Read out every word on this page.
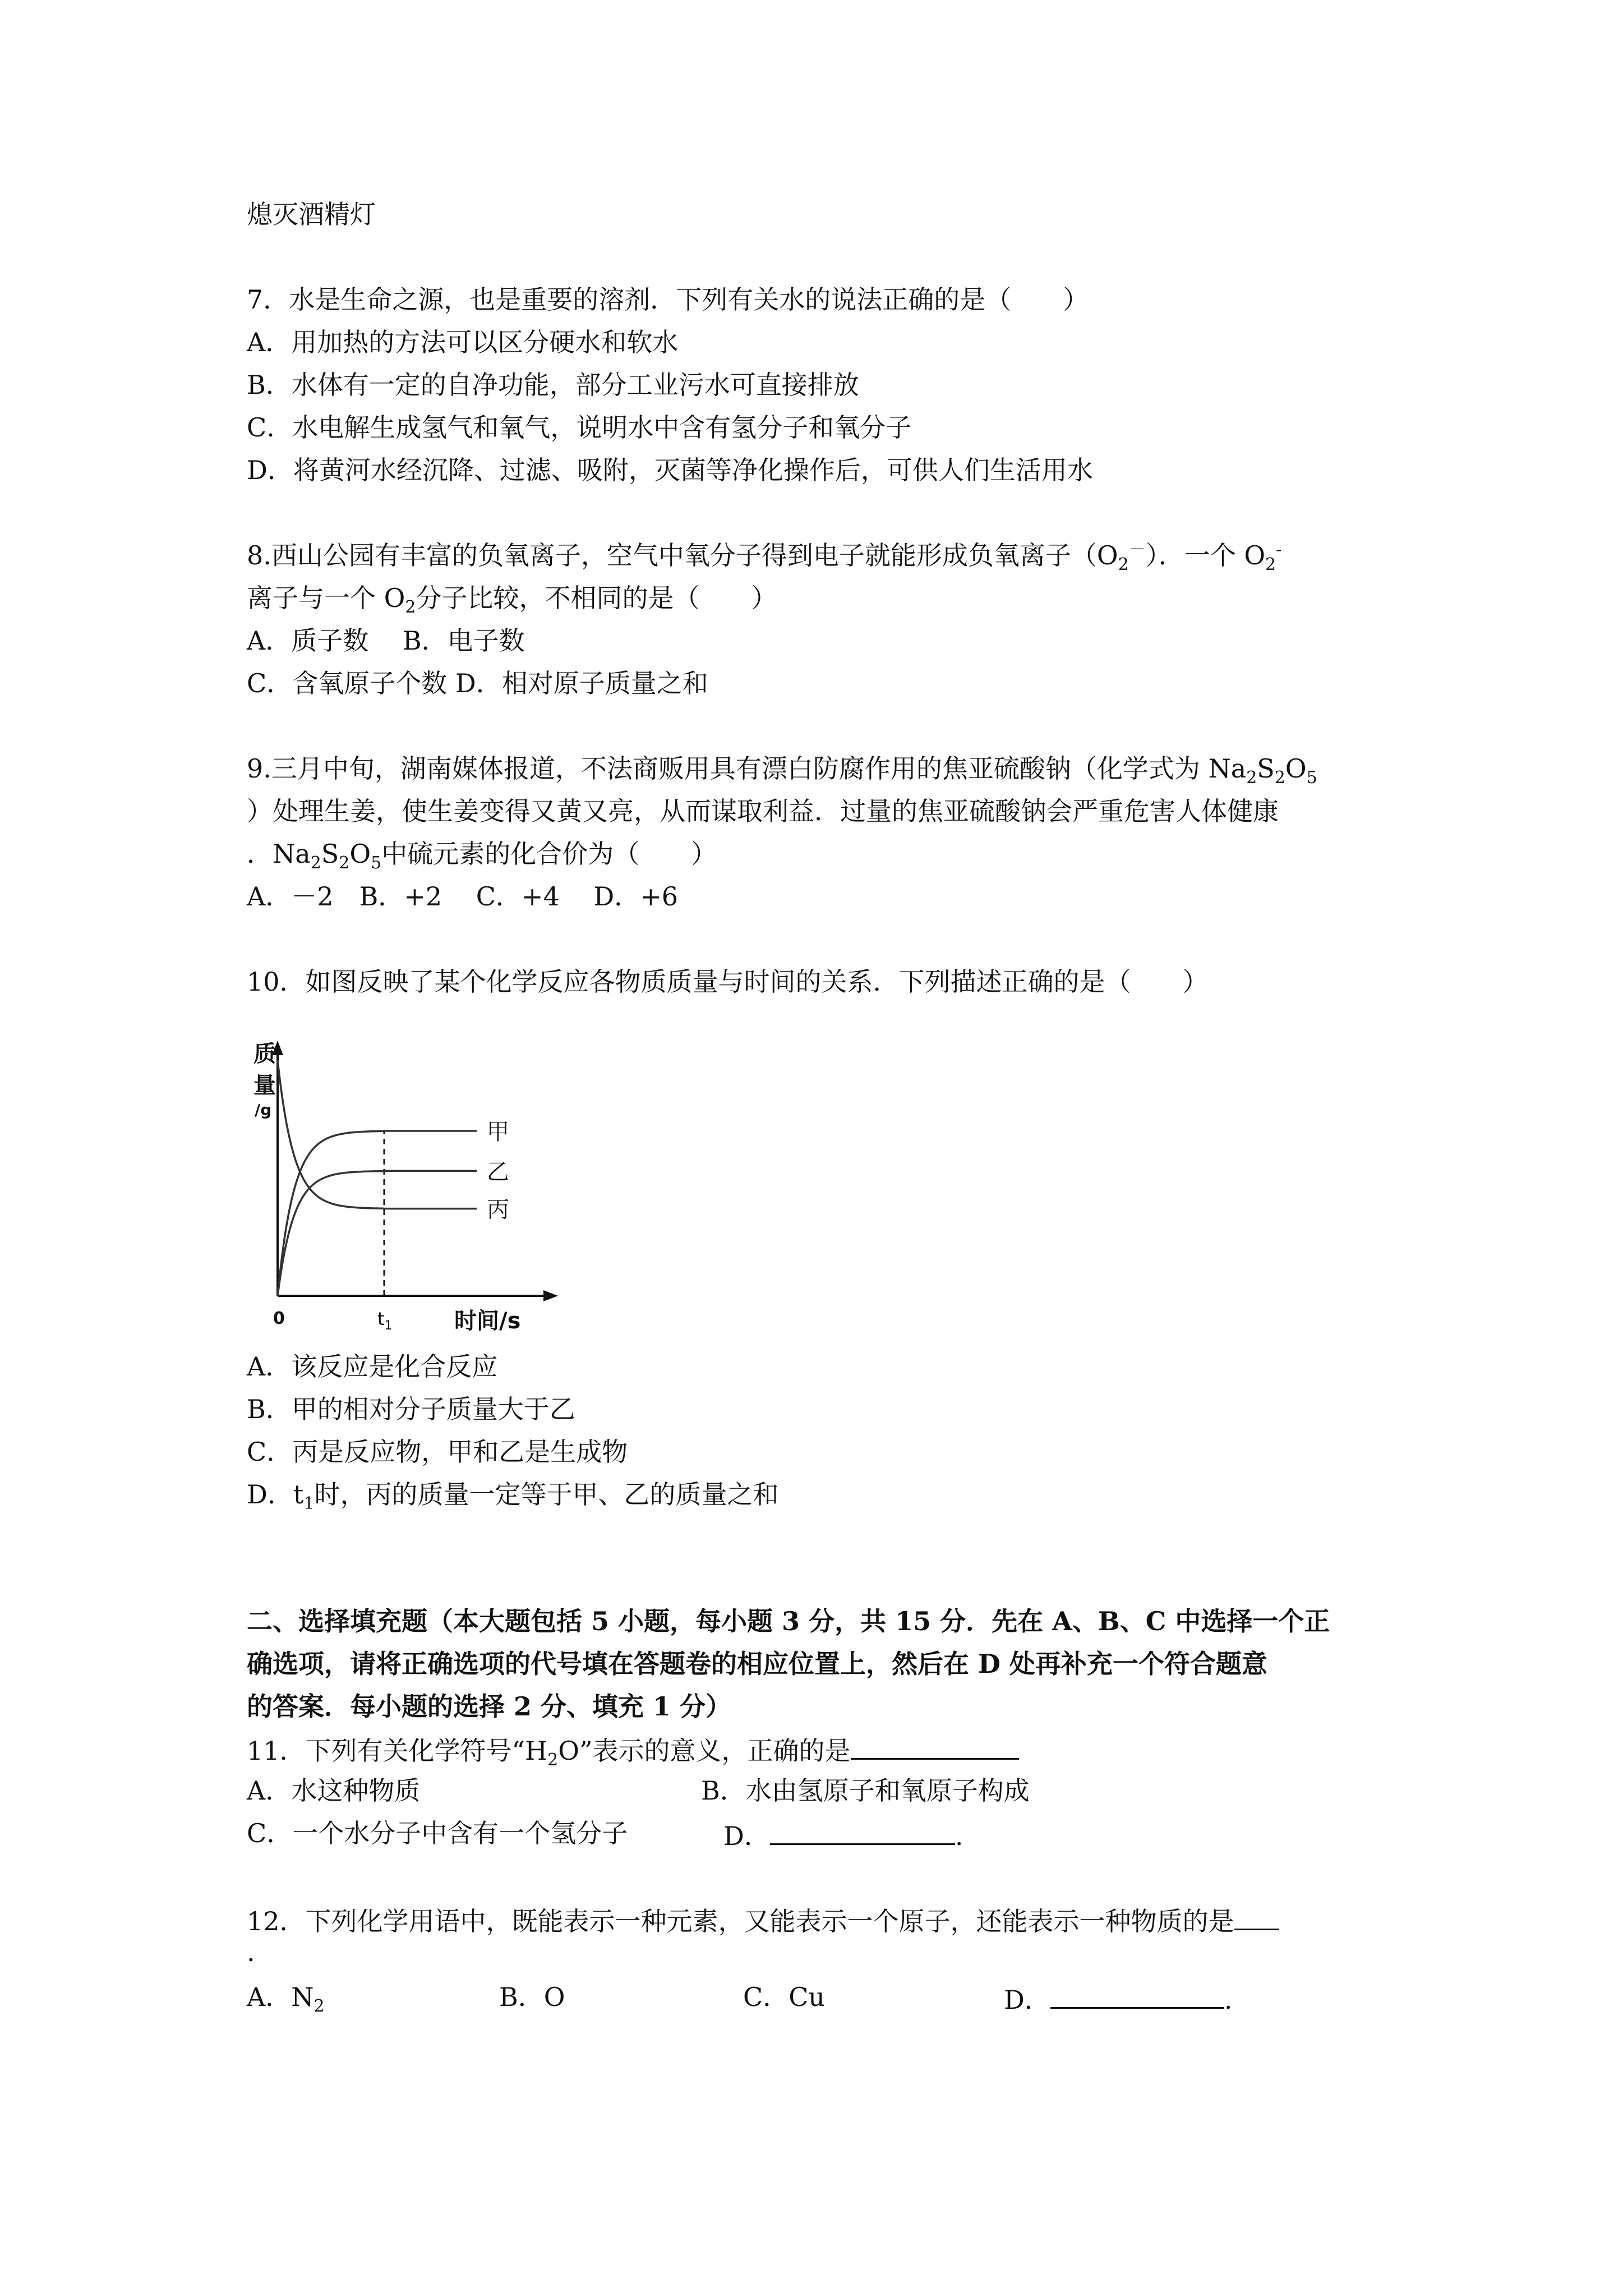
熄灭酒精灯
7．水是生命之源，也是重要的溶剂．下列有关水的说法正确的是（　　）
A．用加热的方法可以区分硬水和软水
B．水体有一定的自净功能，部分工业污水可直接排放
C．水电解生成氢气和氧气，说明水中含有氢分子和氧分子
D．将黄河水经沉降、过滤、吸附，灭菌等净化操作后，可供人们生活用水
8.西山公园有丰富的负氧离子，空气中氧分子得到电子就能形成负氧离子$(O_2^-)$．一个 $O_2^-$
离子与一个 $O_2$分子比较，不相同的是（　　）
A．质子数　 B．电子数
C．含氧原子个数 D．相对原子质量之和
9.三月中旬，湖南媒体报道，不法商贩用具有漂白防腐作用的焦亚硫酸钠（化学式为 $Na_2S_2O_5$
）处理生姜，使生姜变得又黄又亮，从而谋取利益．过量的焦亚硫酸钠会严重危害人体健康
．$Na_2S_2O_5$中硫元素的化合价为（　　）
A．－2　B．+2　 C．+4　 D．+6
10．如图反映了某个化学反应各物质质量与时间的关系．下列描述正确的是（　　）
甲
乙
丙
质
量
/g
0	$t_1$	时间/s
A．该反应是化合反应
B．甲的相对分子质量大于乙
C．丙是反应物，甲和乙是生成物
D．$t_1$时，丙的质量一定等于甲、乙的质量之和
二、选择填充题（本大题包括 5 小题，每小题 3 分，共 15 分．先在 A、B、C 中选择一个正
确选项，请将正确选项的代号填在答题卷的相应位置上，然后在 D 处再补充一个符合题意
的答案．每小题的选择 2 分、填充 1 分）
11．下列有关化学符号“$H_2O$”表示的意义，正确的是
A．水这种物质	B．水由氢原子和氧原子构成
C．一个水分子中含有一个氢分子	D．	.
12．下列化学用语中，既能表示一种元素，又能表示一个原子，还能表示一种物质的是
.
A．$N_2$	B．O	C．Cu	D．	.
